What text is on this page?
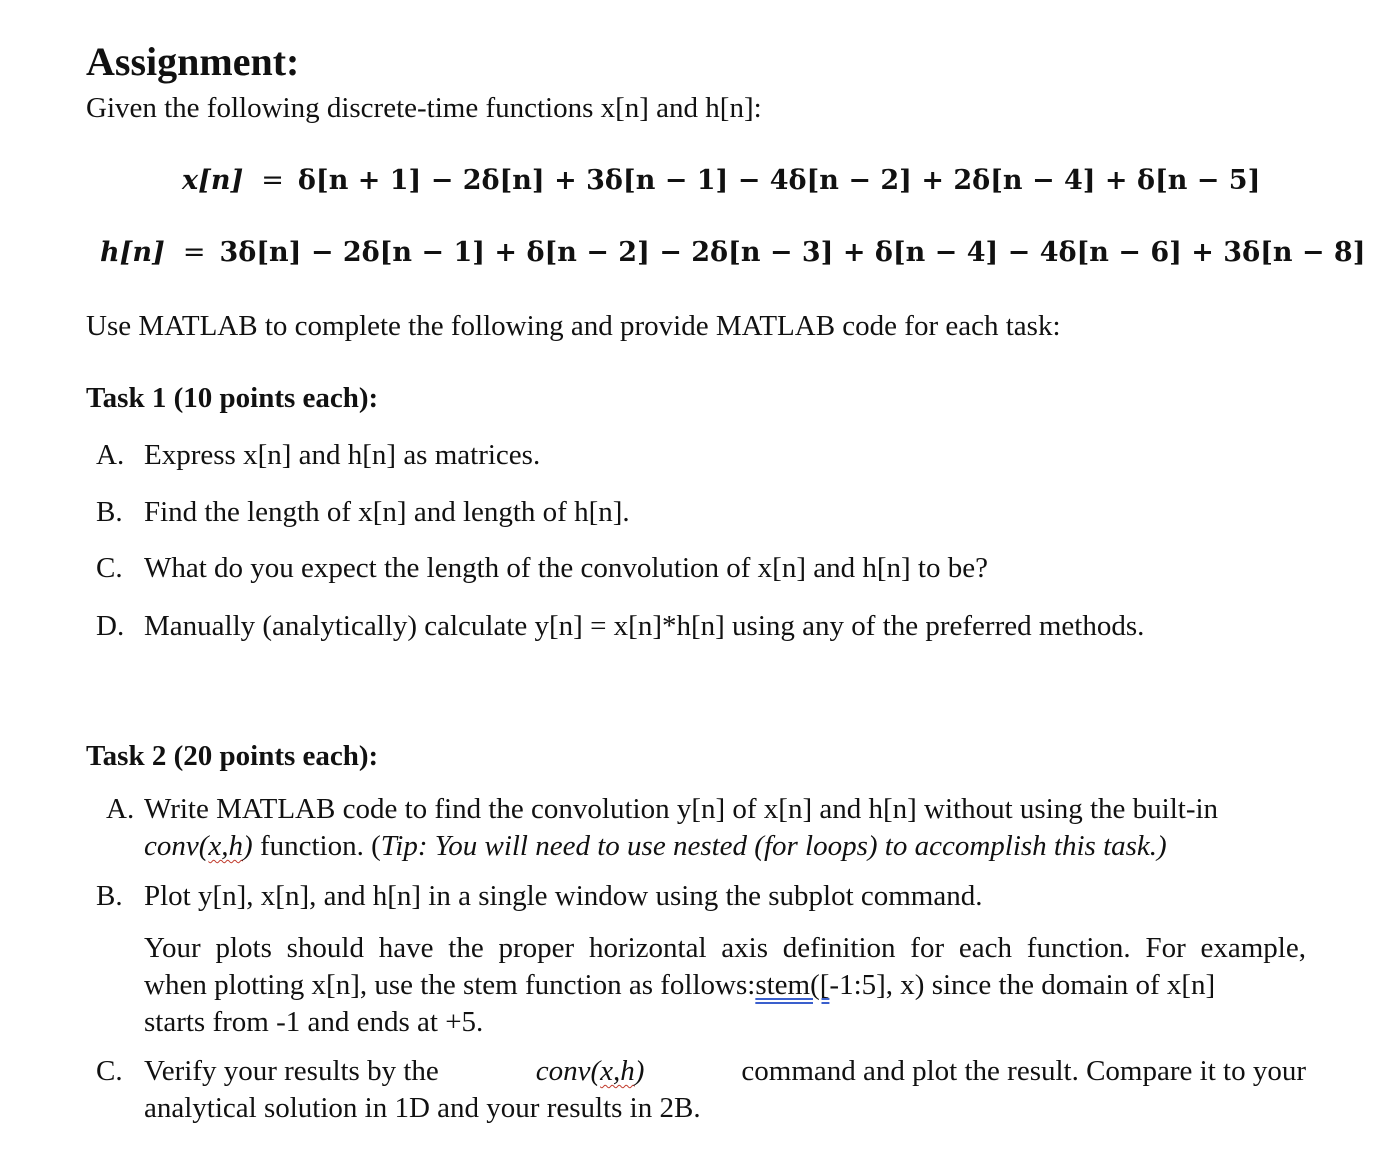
Assignment:
Given the following discrete-time functions x[n] and h[n]:
x[n] = δ[n + 1] − 2δ[n] + 3δ[n − 1] − 4δ[n − 2] + 2δ[n − 4] + δ[n − 5]
h[n] = 3δ[n] − 2δ[n − 1] + δ[n − 2] − 2δ[n − 3] + δ[n − 4] − 4δ[n − 6] + 3δ[n − 8]
Use MATLAB to complete the following and provide MATLAB code for each task:
Task 1 (10 points each):
A. Express x[n] and h[n] as matrices.
B. Find the length of x[n] and length of h[n].
C. What do you expect the length of the convolution of x[n] and h[n] to be?
D. Manually (analytically) calculate y[n] = x[n]*h[n] using any of the preferred methods.
Task 2 (20 points each):
A. Write MATLAB code to find the convolution y[n] of x[n] and h[n] without using the built-in
conv(x,h) function. (Tip: You will need to use nested (for loops) to accomplish this task.)
B. Plot y[n], x[n], and h[n] in a single window using the subplot command.
Your plots should have the proper horizontal axis definition for each function. For example,
when plotting x[n], use the stem function as follows: stem([-1:5], x) since the domain of x[n]
starts from -1 and ends at +5.
C. Verify your results by the	conv(x,h)	command and plot the result. Compare it to your
analytical solution in 1D and your results in 2B.
